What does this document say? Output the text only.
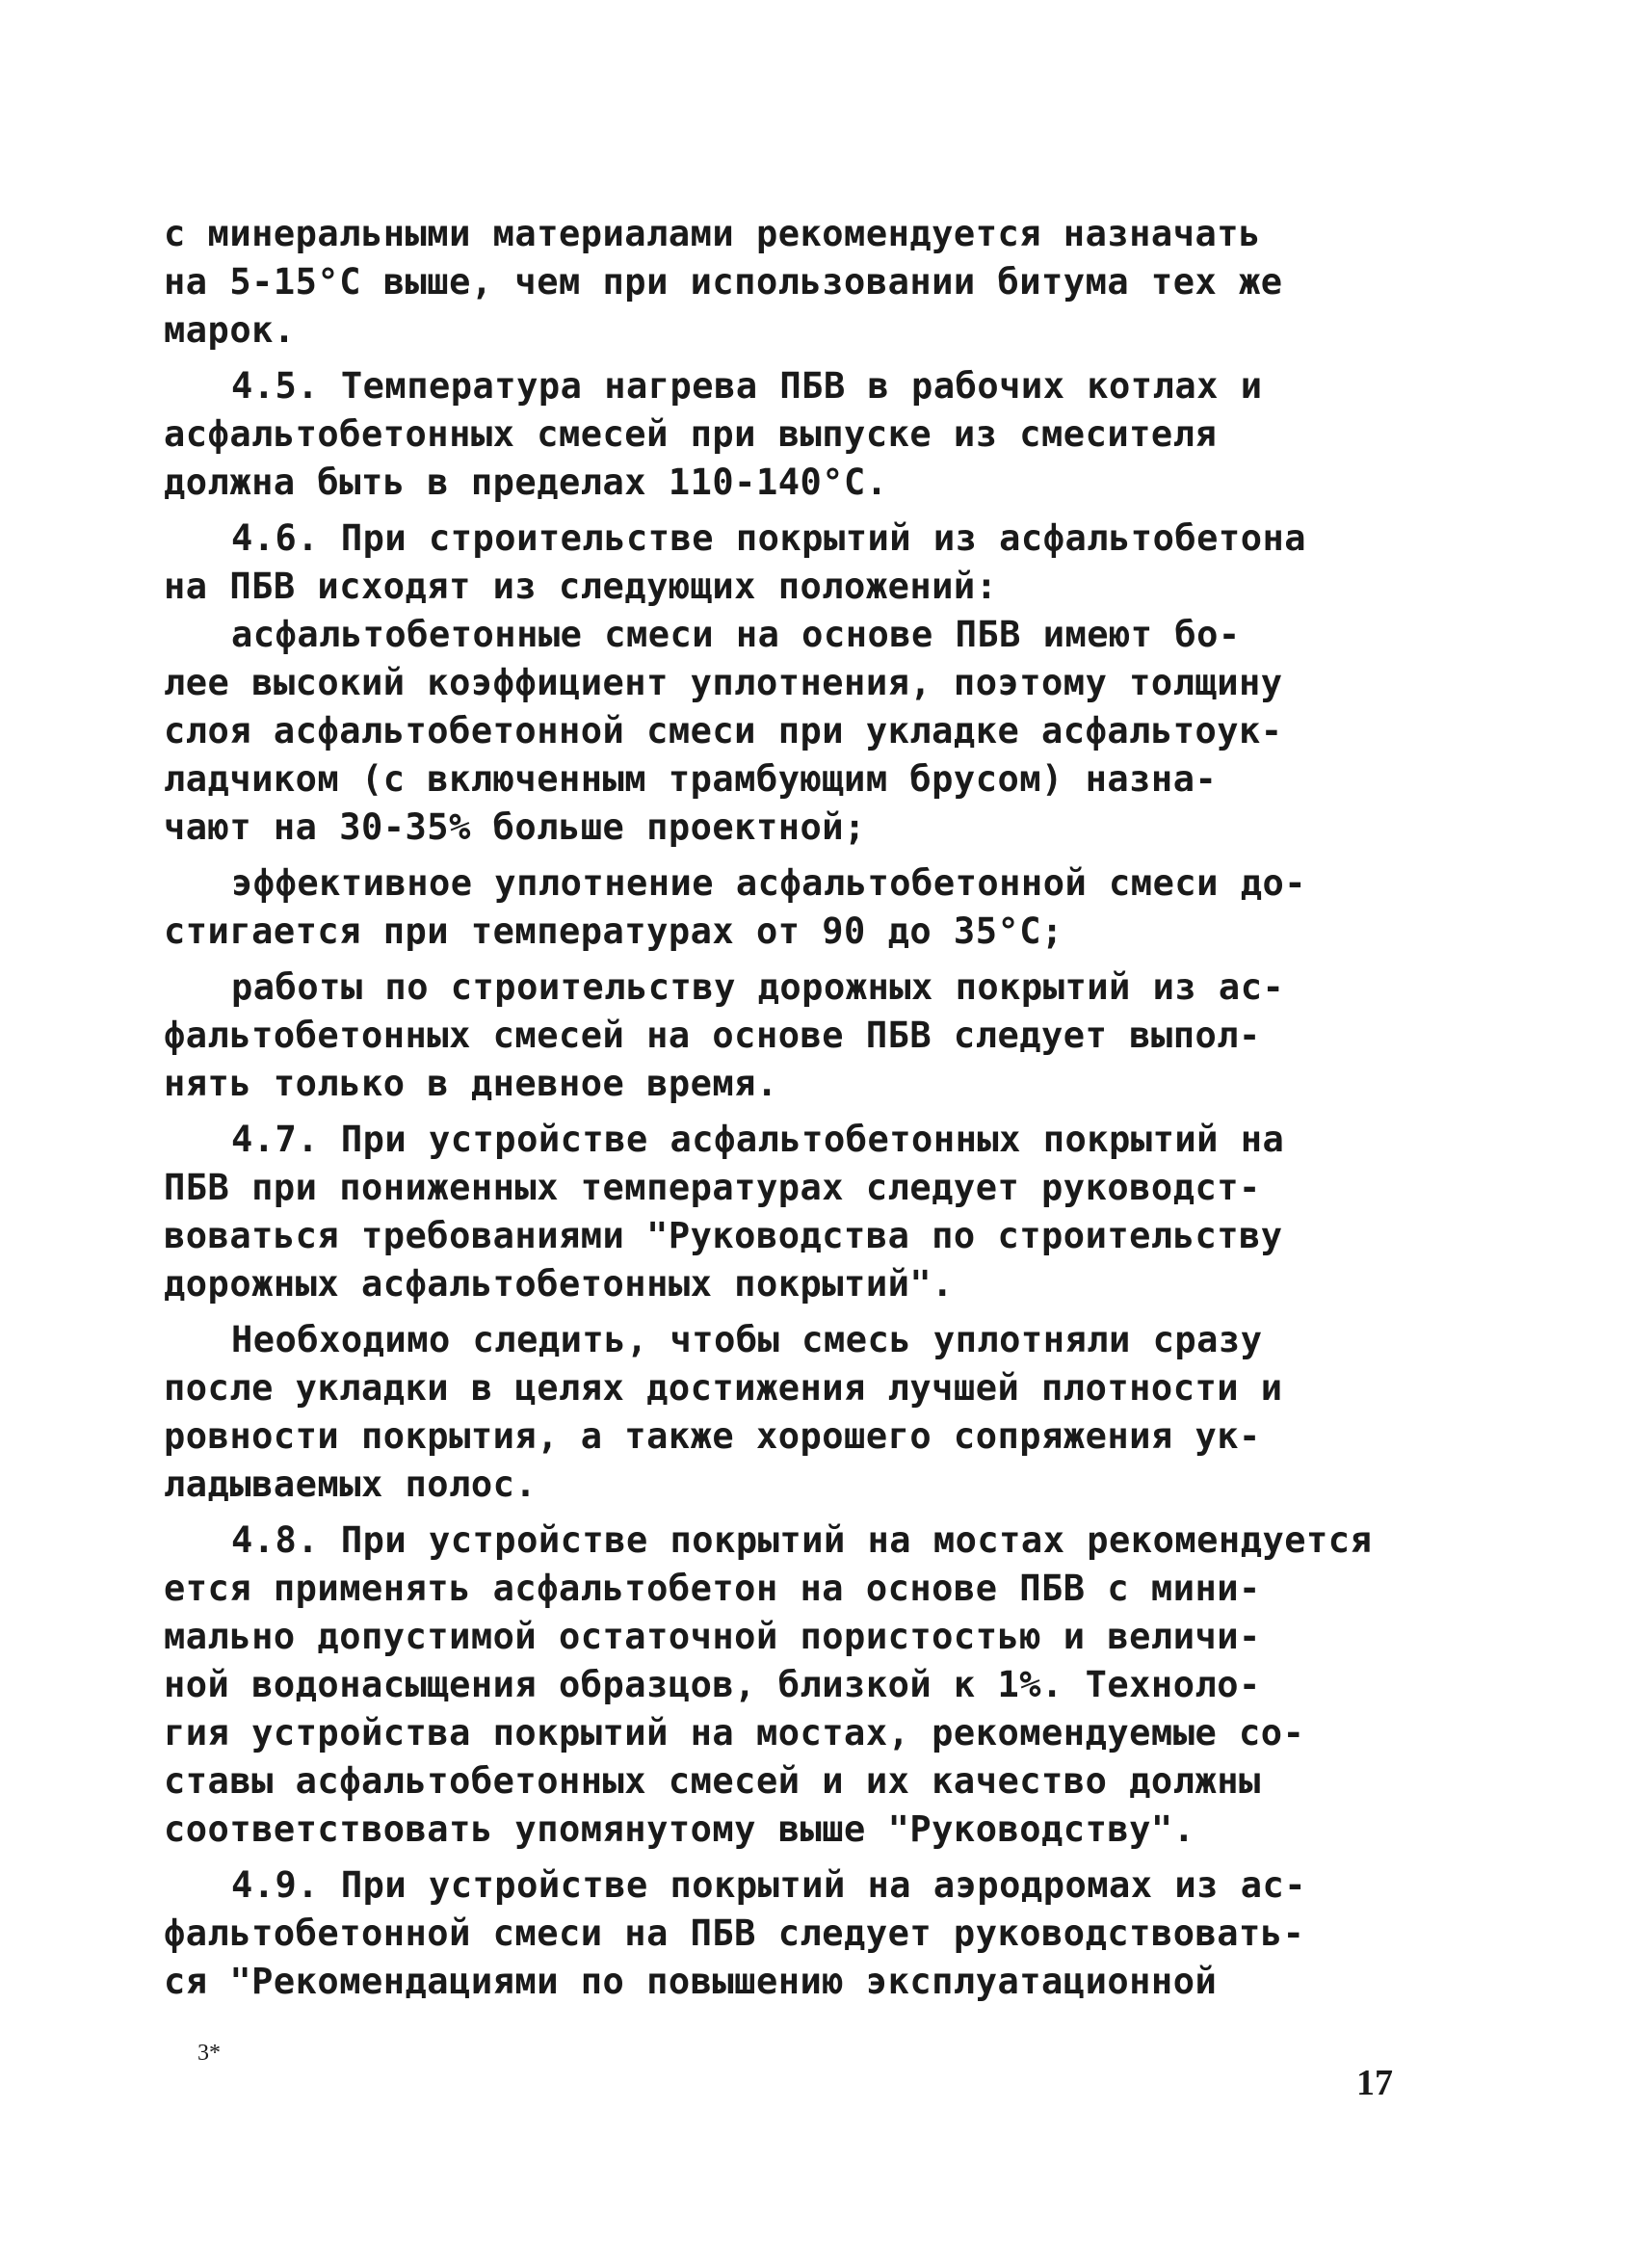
с минеральными материалами рекомендуется назначать
на 5-15°С выше, чем при использовании битума тех же
марок.
4.5. Температура нагрева ПБВ в рабочих котлах и
асфальтобетонных смесей при выпуске из смесителя
должна быть в пределах 110-140°С.
4.6. При строительстве покрытий из асфальтобетона
на ПБВ исходят из следующих положений:
асфальтобетонные смеси на основе ПБВ имеют бо-
лее высокий коэффициент уплотнения, поэтому толщину
слоя асфальтобетонной смеси при укладке асфальтоук-
ладчиком (с включенным трамбующим брусом) назна-
чают на 30-35% больше проектной;
эффективное уплотнение асфальтобетонной смеси до-
стигается при температурах от 90 до 35°С;
работы по строительству дорожных покрытий из ас-
фальтобетонных смесей на основе ПБВ следует выпол-
нять только в дневное время.
4.7. При устройстве асфальтобетонных покрытий на
ПБВ при пониженных температурах следует руководст-
воваться требованиями "Руководства по строительству
дорожных асфальтобетонных покрытий".
Необходимо следить, чтобы смесь уплотняли сразу
после укладки в целях достижения лучшей плотности и
ровности покрытия, а также хорошего сопряжения ук-
ладываемых полос.
4.8. При устройстве покрытий на мостах рекомендуется
ется применять асфальтобетон на основе ПБВ с мини-
мально допустимой остаточной пористостью и величи-
ной водонасыщения образцов, близкой к 1%. Техноло-
гия устройства покрытий на мостах, рекомендуемые со-
ставы асфальтобетонных смесей и их качество должны
соответствовать упомянутому выше "Руководству".
4.9. При устройстве покрытий на аэродромах из ас-
фальтобетонной смеси на ПБВ следует руководствовать-
ся "Рекомендациями по повышению эксплуатационной
3*
17
